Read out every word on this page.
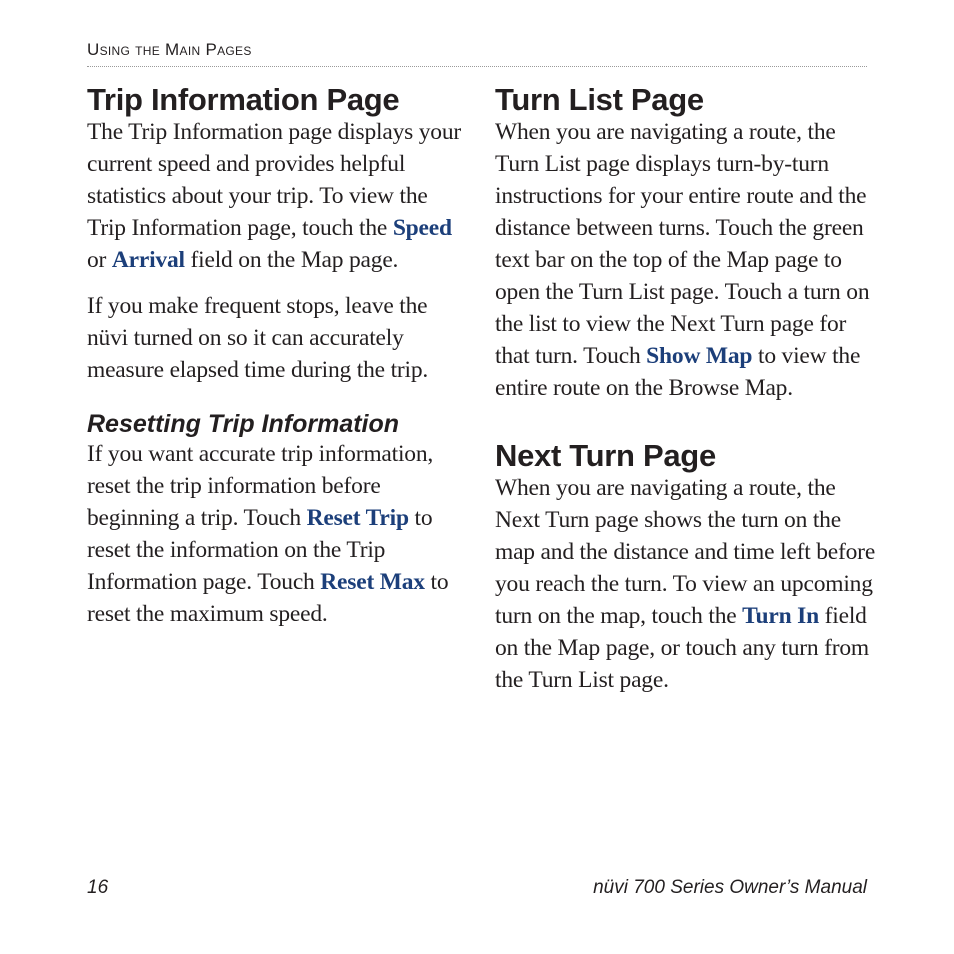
Using the Main Pages
Trip Information Page

The Trip Information page displays your current speed and provides helpful statistics about your trip. To view the Trip Information page, touch the Speed or Arrival field on the Map page.

If you make frequent stops, leave the nüvi turned on so it can accurately measure elapsed time during the trip.

Resetting Trip Information

If you want accurate trip information, reset the trip information before beginning a trip. Touch Reset Trip to reset the information on the Trip Information page. Touch Reset Max to reset the maximum speed.

Turn List Page

When you are navigating a route, the Turn List page displays turn-by-turn instructions for your entire route and the distance between turns. Touch the green text bar on the top of the Map page to open the Turn List page. Touch a turn on the list to view the Next Turn page for that turn. Touch Show Map to view the entire route on the Browse Map.

Next Turn Page

When you are navigating a route, the Next Turn page shows the turn on the map and the distance and time left before you reach the turn. To view an upcoming turn on the map, touch the Turn In field on the Map page, or touch any turn from the Turn List page.

16	nüvi 700 Series Owner’s Manual
